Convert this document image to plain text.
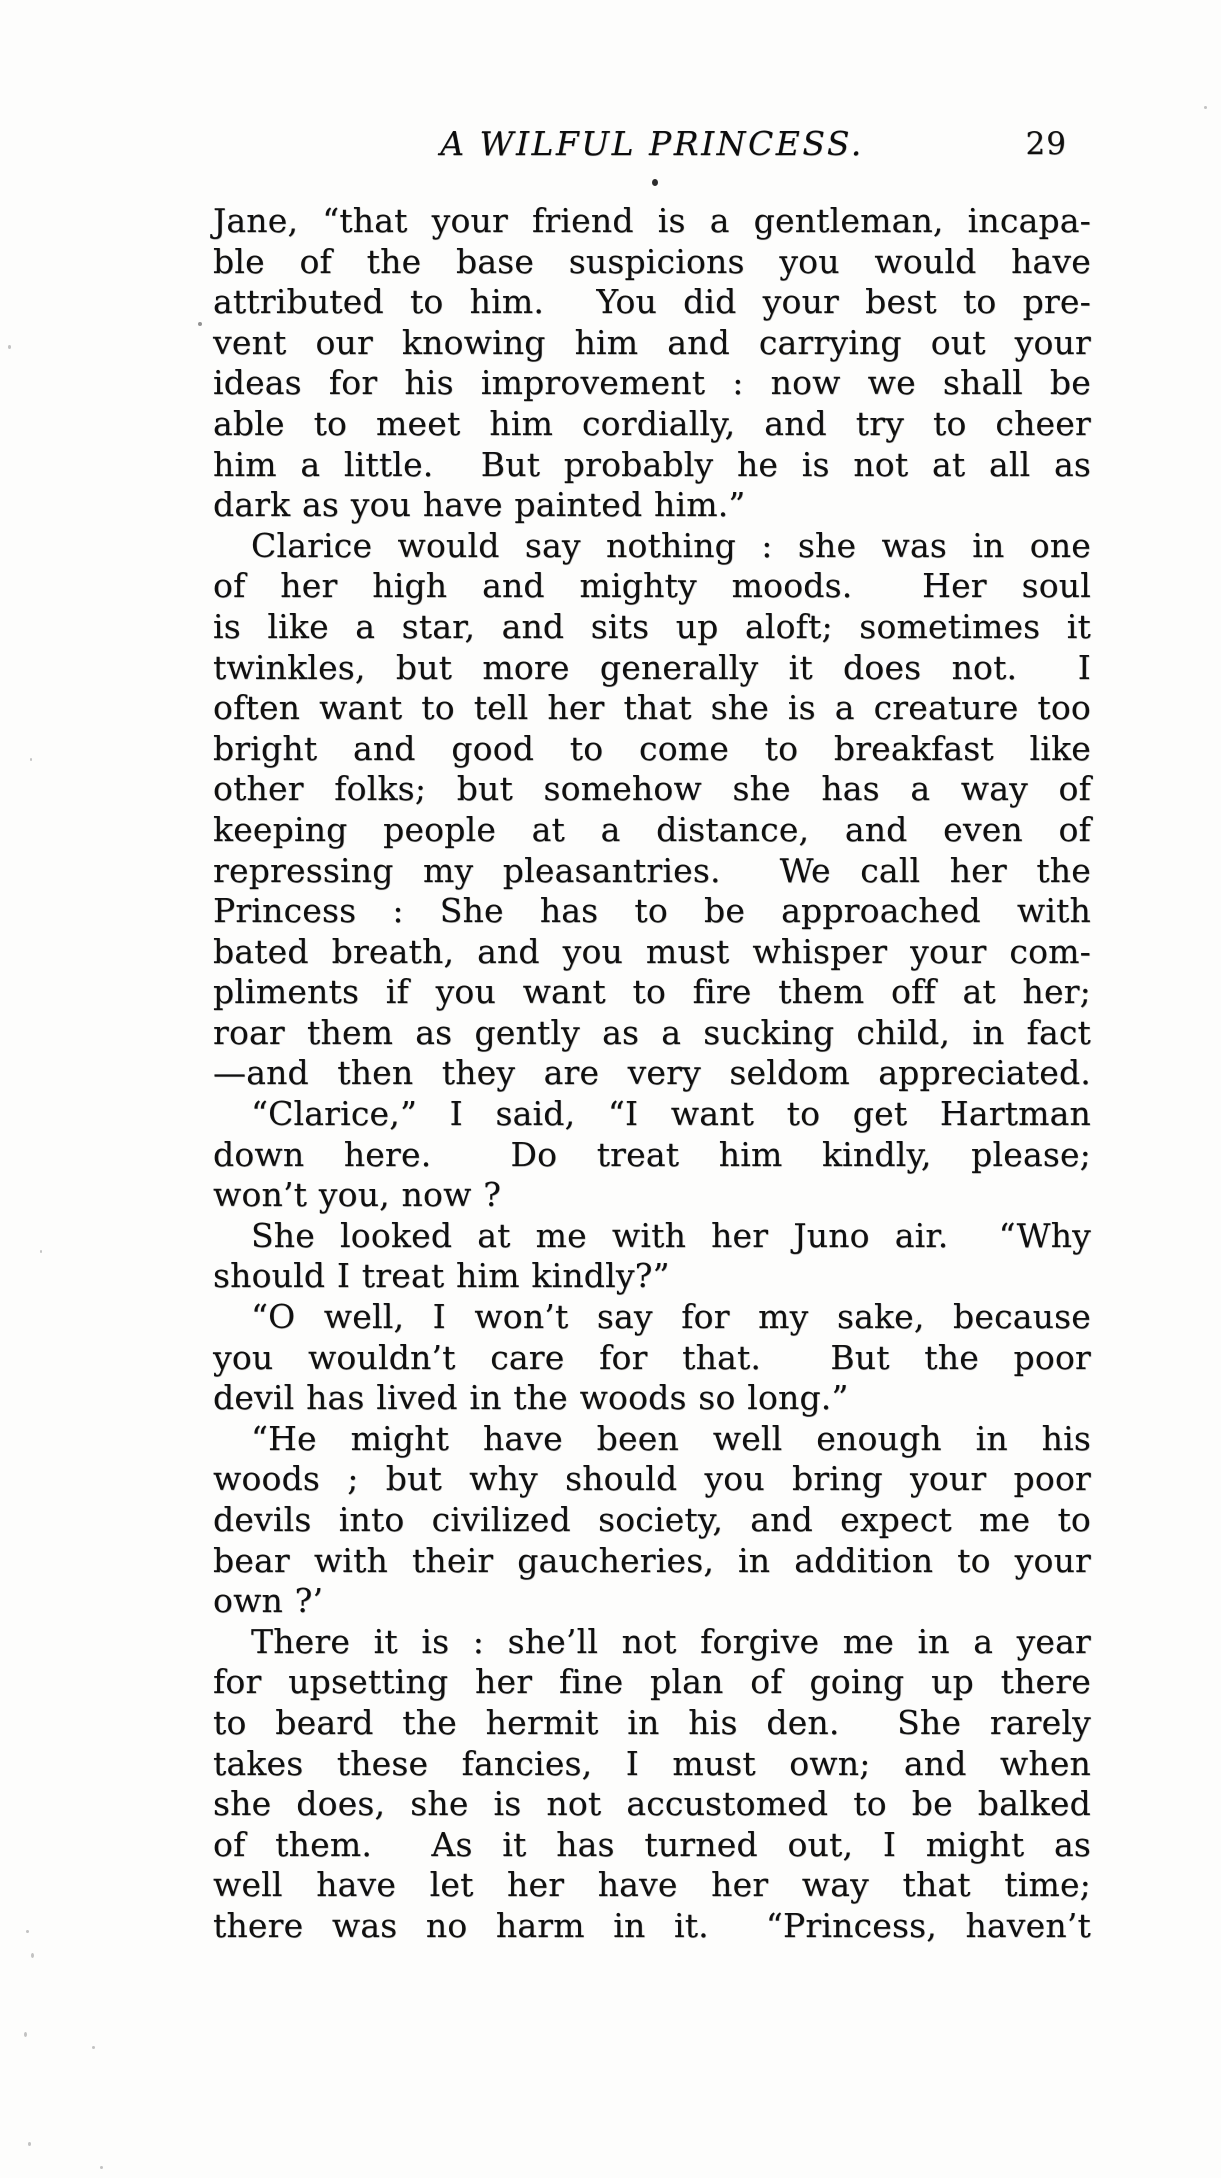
A WILFUL PRINCESS.	29
Jane, “that your friend is a gentleman, incapa-
ble of the base suspicions you would have
attributed to him.  You did your best to pre-
vent our knowing him and carrying out your
ideas for his improvement : now we shall be
able to meet him cordially, and try to cheer
him a little.  But probably he is not at all as
dark as you have painted him.”
Clarice would say nothing : she was in one
of her high and mighty moods.  Her soul
is like a star, and sits up aloft; sometimes it
twinkles, but more generally it does not.  I
often want to tell her that she is a creature too
bright and good to come to breakfast like
other folks; but somehow she has a way of
keeping people at a distance, and even of
repressing my pleasantries.  We call her the
Princess : She has to be approached with
bated breath, and you must whisper your com-
pliments if you want to fire them off at her;
roar them as gently as a sucking child, in fact
—and then they are very seldom appreciated.
“Clarice,” I said, “I want to get Hartman
down here.  Do treat him kindly, please;
won’t you, now ?
She looked at me with her Juno air.  “Why
should I treat him kindly?”
“O well, I won’t say for my sake, because
you wouldn’t care for that.  But the poor
devil has lived in the woods so long.”
“He might have been well enough in his
woods ; but why should you bring your poor
devils into civilized society, and expect me to
bear with their gaucheries, in addition to your
own ?’
There it is : she’ll not forgive me in a year
for upsetting her fine plan of going up there
to beard the hermit in his den.  She rarely
takes these fancies, I must own; and when
she does, she is not accustomed to be balked
of them.  As it has turned out, I might as
well have let her have her way that time;
there was no harm in it.  “Princess, haven’t
